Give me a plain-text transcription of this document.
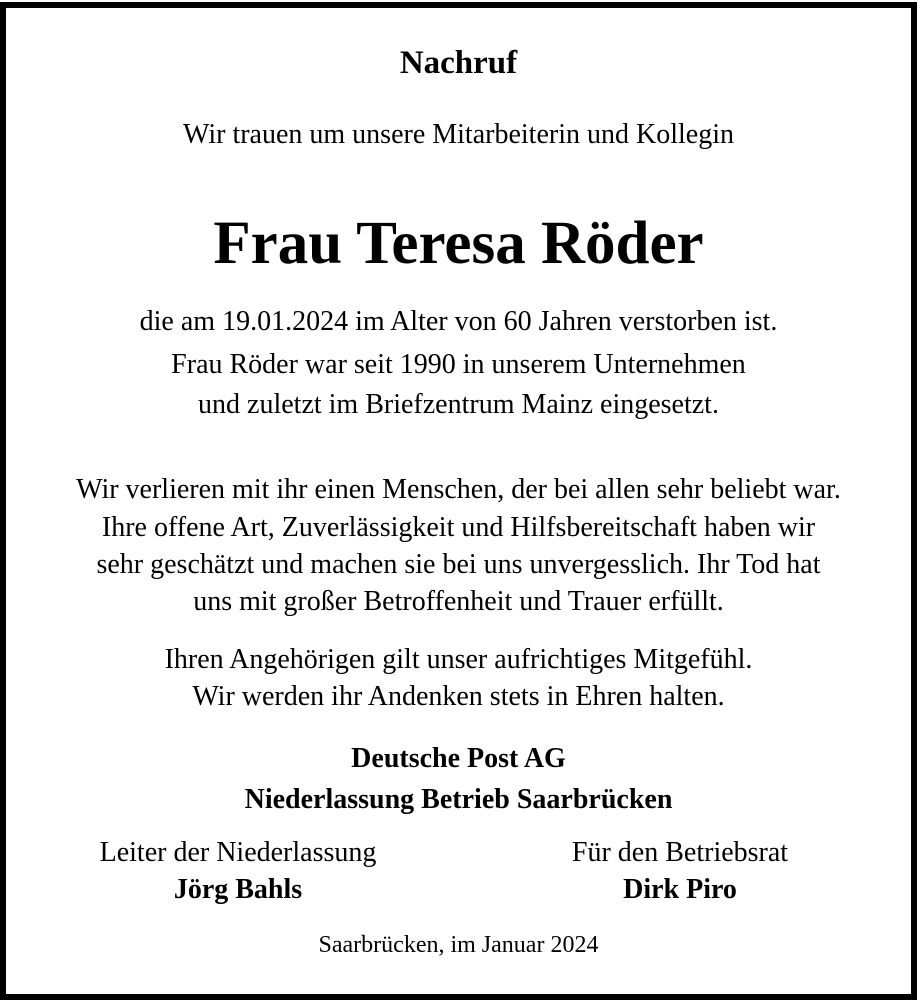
Nachruf
Wir trauen um unsere Mitarbeiterin und Kollegin
Frau Teresa Röder
die am 19.01.2024 im Alter von 60 Jahren verstorben ist.
Frau Röder war seit 1990 in unserem Unternehmen
und zuletzt im Briefzentrum Mainz eingesetzt.
Wir verlieren mit ihr einen Menschen, der bei allen sehr beliebt war.
Ihre offene Art, Zuverlässigkeit und Hilfsbereitschaft haben wir
sehr geschätzt und machen sie bei uns unvergesslich. Ihr Tod hat
uns mit großer Betroffenheit und Trauer erfüllt.
Ihren Angehörigen gilt unser aufrichtiges Mitgefühl.
Wir werden ihr Andenken stets in Ehren halten.
Deutsche Post AG
Niederlassung Betrieb Saarbrücken
Leiter der Niederlassung
Jörg Bahls
Für den Betriebsrat
Dirk Piro
Saarbrücken, im Januar 2024
